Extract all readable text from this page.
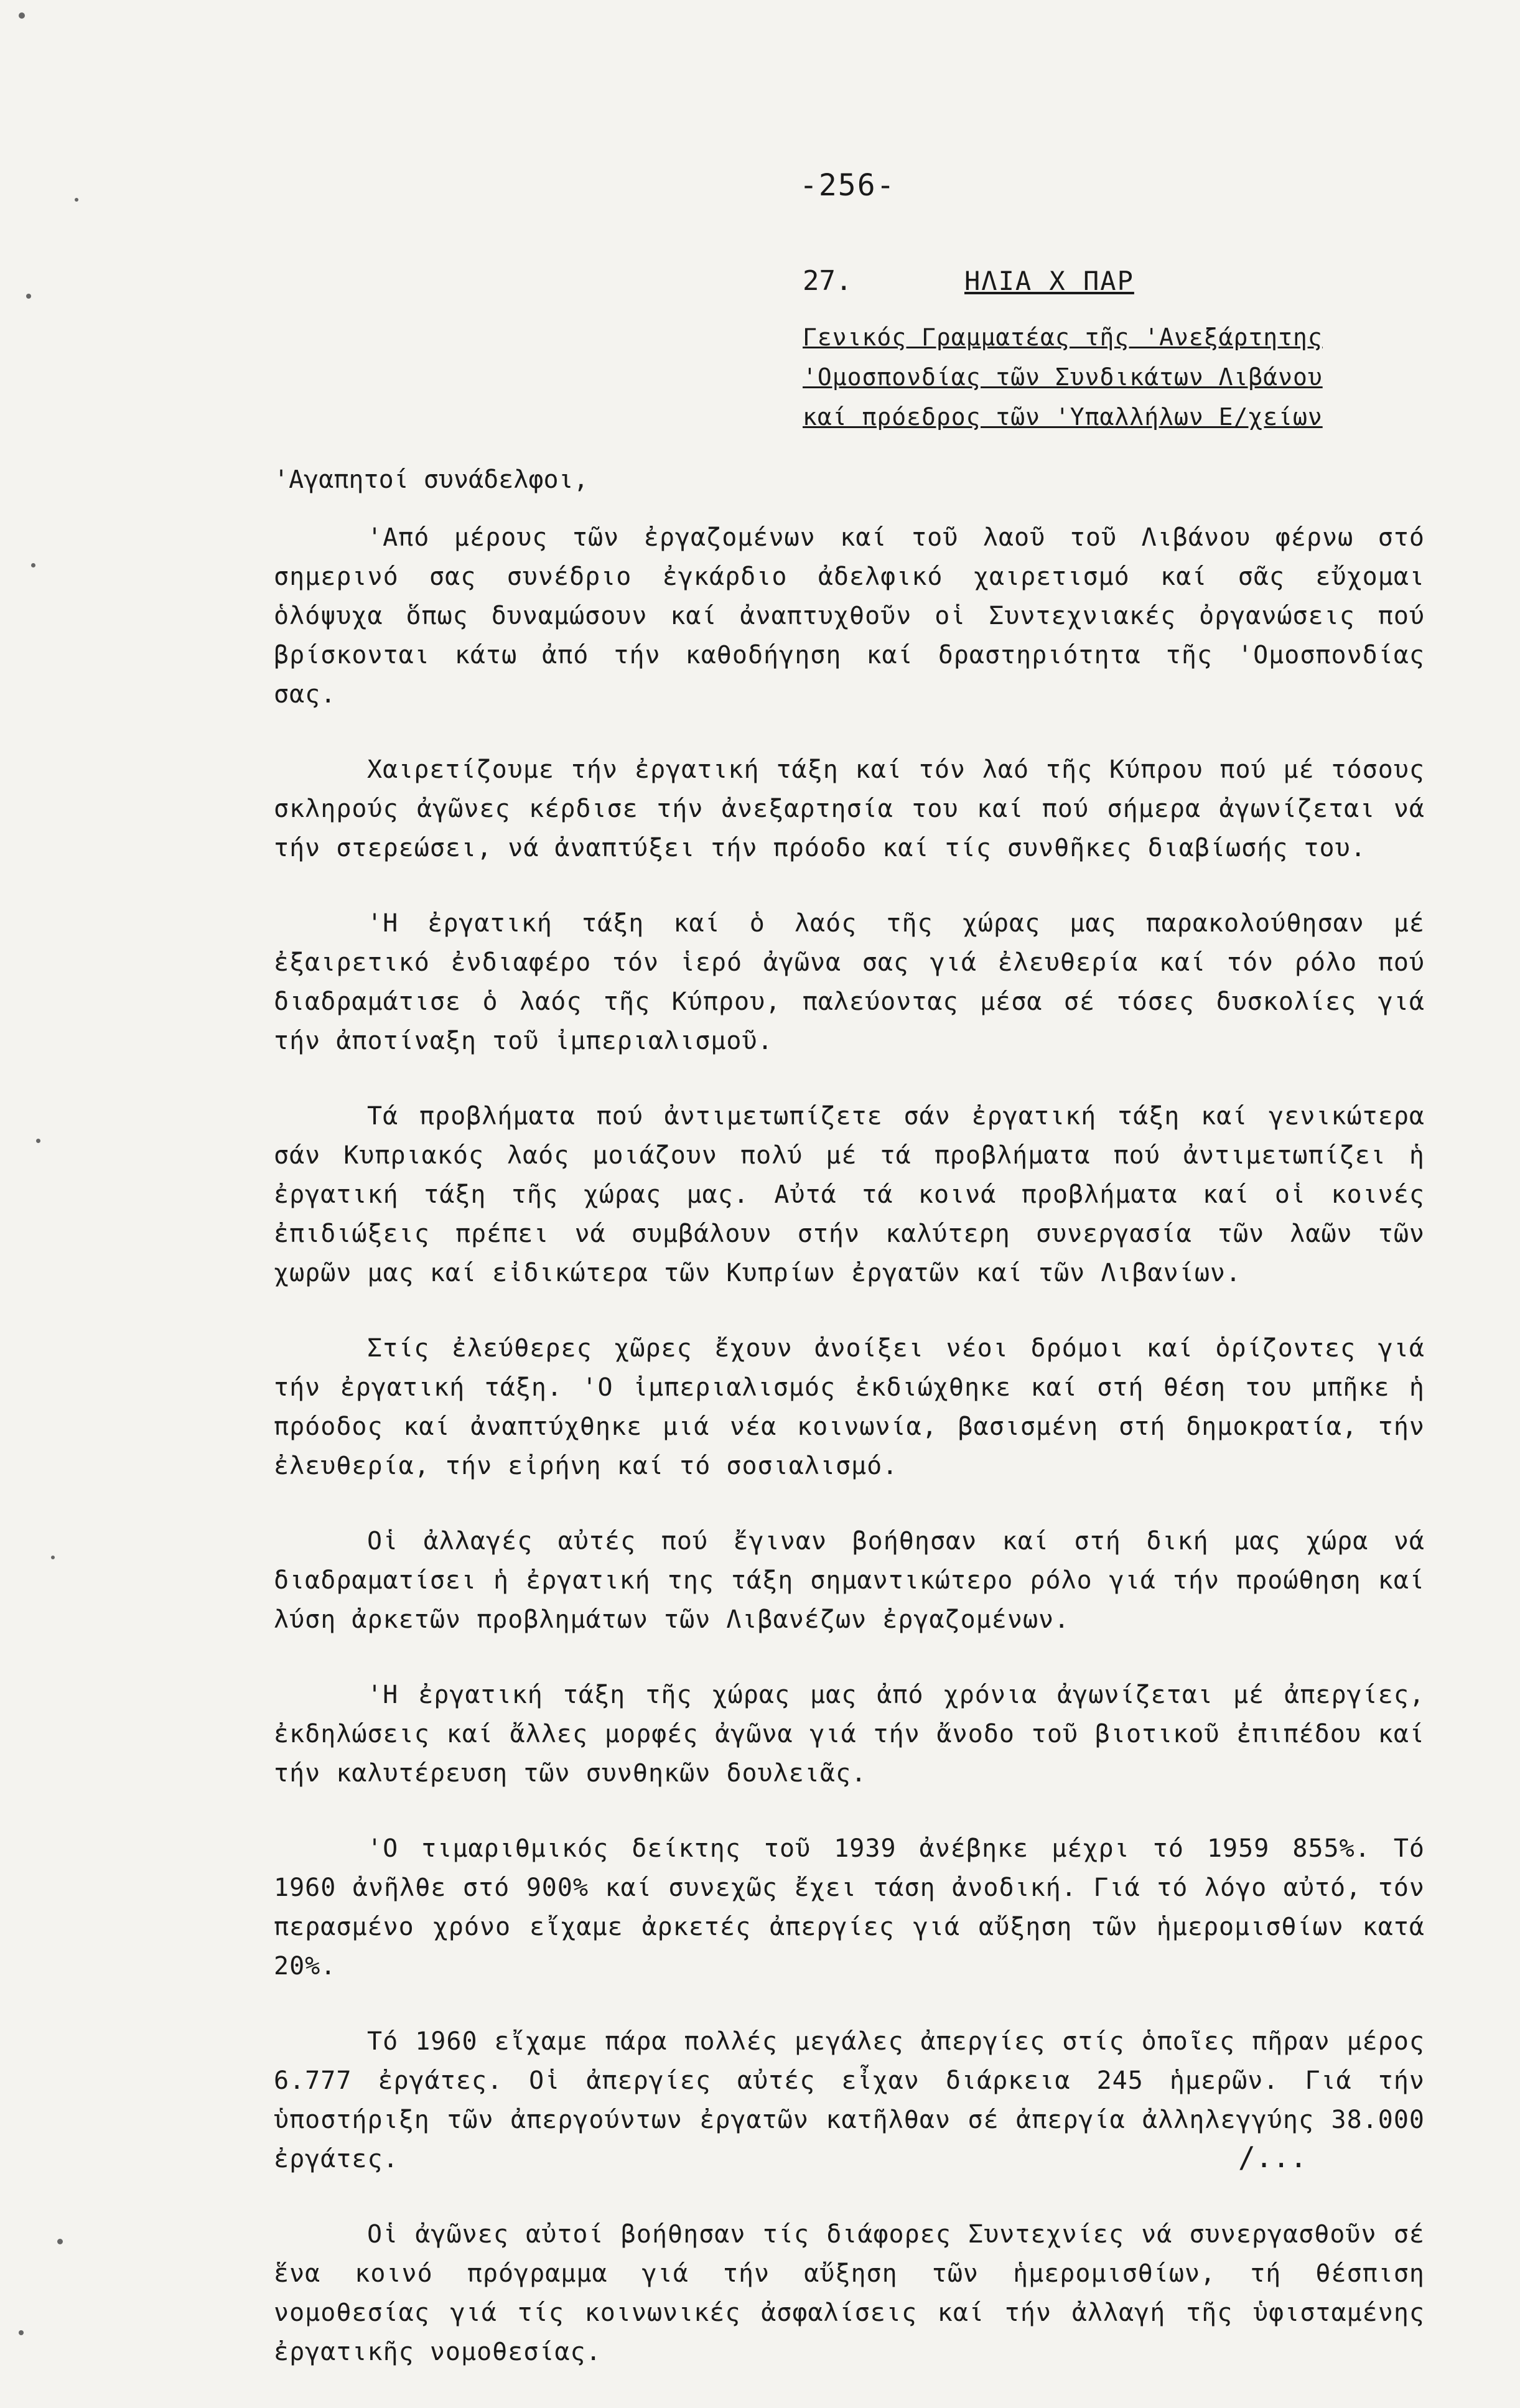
-256-
27.	ΗΛΙΑ Χ ΠΑΡ
Γενικός Γραμματέας τῆς 'Ανεξάρτητης
'Ομοσπονδίας τῶν Συνδικάτων Λιβάνου
καί πρόεδρος τῶν 'Υπαλλήλων Ε/χείων

'Αγαπητοί συνάδελφοι,

'Από μέρους τῶν ἐργαζομένων καί τοῦ λαοῦ τοῦ Λιβάνου φέρνω στό σημερινό σας συνέδριο ἐγκάρδιο ἀδελφικό χαιρετισμό καί σᾶς εὔχομαι ὁλόψυχα ὅπως δυναμώσουν καί ἀναπτυχθοῦν οἱ Συντεχνιακές ὀργανώσεις πού βρίσκονται κάτω ἀπό τήν καθοδήγηση καί δραστηριότητα τῆς 'Ομοσπονδίας σας.

Χαιρετίζουμε τήν ἐργατική τάξη καί τόν λαό τῆς Κύπρου πού μέ τόσους σκληρούς ἀγῶνες κέρδισε τήν ἀνεξαρτησία του καί πού σήμερα ἀγωνίζεται νά τήν στερεώσει, νά ἀναπτύξει τήν πρόοδο καί τίς συνθῆκες διαβίωσής του.

'Η ἐργατική τάξη καί ὁ λαός τῆς χώρας μας παρακολούθησαν μέ ἐξαιρετικό ἐνδιαφέρο τόν ἱερό ἀγῶνα σας γιά ἐλευθερία καί τόν ρόλο πού διαδραμάτισε ὁ λαός τῆς Κύπρου, παλεύοντας μέσα σέ τόσες δυσκολίες γιά τήν ἀποτίναξη τοῦ ἰμπεριαλισμοῦ.

Τά προβλήματα πού ἀντιμετωπίζετε σάν ἐργατική τάξη καί γενικώτερα σάν Κυπριακός λαός μοιάζουν πολύ μέ τά προβλήματα πού ἀντιμετωπίζει ἡ ἐργατική τάξη τῆς χώρας μας. Αὐτά τά κοινά προβλήματα καί οἱ κοινές ἐπιδιώξεις πρέπει νά συμβάλουν στήν καλύτερη συνεργασία τῶν λαῶν τῶν χωρῶν μας καί εἰδικώτερα τῶν Κυπρίων ἐργατῶν καί τῶν Λιβανίων.

Στίς ἐλεύθερες χῶρες ἔχουν ἀνοίξει νέοι δρόμοι καί ὁρίζοντες γιά τήν ἐργατική τάξη. 'Ο ἰμπεριαλισμός ἐκδιώχθηκε καί στή θέση του μπῆκε ἡ πρόοδος καί ἀναπτύχθηκε μιά νέα κοινωνία, βασισμένη στή δημοκρατία, τήν ἐλευθερία, τήν εἰρήνη καί τό σοσιαλισμό.

Οἱ ἀλλαγές αὐτές πού ἔγιναν βοήθησαν καί στή δική μας χώρα νά διαδραματίσει ἡ ἐργατική της τάξη σημαντικώτερο ρόλο γιά τήν προώθηση καί λύση ἀρκετῶν προβλημάτων τῶν Λιβανέζων ἐργαζομένων.

'Η ἐργατική τάξη τῆς χώρας μας ἀπό χρόνια ἀγωνίζεται μέ ἀπεργίες, ἐκδηλώσεις καί ἄλλες μορφές ἀγῶνα γιά τήν ἄνοδο τοῦ βιοτικοῦ ἐπιπέδου καί τήν καλυτέρευση τῶν συνθηκῶν δουλειᾶς.

'Ο τιμαριθμικός δείκτης τοῦ 1939 ἀνέβηκε μέχρι τό 1959 855%. Τό 1960 ἀνῆλθε στό 900% καί συνεχῶς ἔχει τάση ἀνοδική. Γιά τό λόγο αὐτό, τόν περασμένο χρόνο εἴχαμε ἀρκετές ἀπεργίες γιά αὔξηση τῶν ἡμερομισθίων κατά 20%.

Τό 1960 εἴχαμε πάρα πολλές μεγάλες ἀπεργίες στίς ὁποῖες πῆραν μέρος 6.777 ἐργάτες. Οἱ ἀπεργίες αὐτές εἶχαν διάρκεια 245 ἡμερῶν. Γιά τήν ὑποστήριξη τῶν ἀπεργούντων ἐργατῶν κατῆλθαν σέ ἀπεργία ἀλληλεγγύης 38.000 ἐργάτες.

Οἱ ἀγῶνες αὐτοί βοήθησαν τίς διάφορες Συντεχνίες νά συνεργασθοῦν σέ ἕνα κοινό πρόγραμμα γιά τήν αὔξηση τῶν ἡμερομισθίων, τή θέσπιση νομοθεσίας γιά τίς κοινωνικές ἀσφαλίσεις καί τήν ἀλλαγή τῆς ὑφισταμένης ἐργατικῆς νομοθεσίας.

/...
